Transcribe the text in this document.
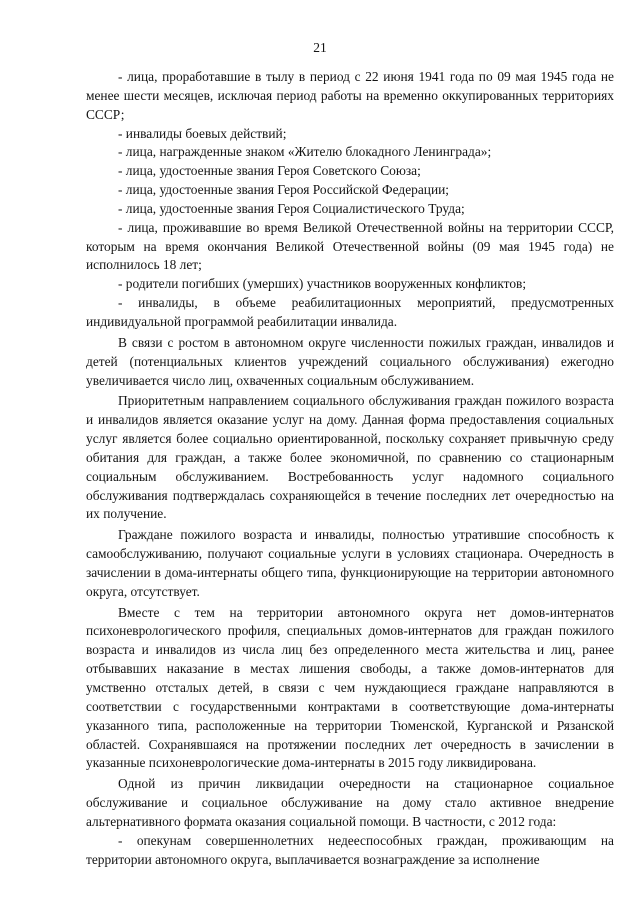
21

- лица, проработавшие в тылу в период с 22 июня 1941 года по 09 мая 1945 года не менее шести месяцев, исключая период работы на временно оккупированных территориях СССР;

- инвалиды боевых действий;

- лица, награжденные знаком «Жителю блокадного Ленинграда»;

- лица, удостоенные звания Героя Советского Союза;

- лица, удостоенные звания Героя Российской Федерации;

- лица, удостоенные звания Героя Социалистического Труда;

- лица, проживавшие во время Великой Отечественной войны на территории СССР, которым на время окончания Великой Отечественной войны (09 мая 1945 года) не исполнилось 18 лет;

- родители погибших (умерших) участников вооруженных конфликтов;

- инвалиды, в объеме реабилитационных мероприятий, предусмотренных индивидуальной программой реабилитации инвалида.

В связи с ростом в автономном округе численности пожилых граждан, инвалидов и детей (потенциальных клиентов учреждений социального обслуживания) ежегодно увеличивается число лиц, охваченных социальным обслуживанием.

Приоритетным направлением социального обслуживания граждан пожилого возраста и инвалидов является оказание услуг на дому. Данная форма предоставления социальных услуг является более социально ориентированной, поскольку сохраняет привычную среду обитания для граждан, а также более экономичной, по сравнению со стационарным социальным обслуживанием. Востребованность услуг надомного социального обслуживания подтверждалась сохраняющейся в течение последних лет очередностью на их получение.

Граждане пожилого возраста и инвалиды, полностью утратившие способность к самообслуживанию, получают социальные услуги в условиях стационара. Очередность в зачислении в дома-интернаты общего типа, функционирующие на территории автономного округа, отсутствует.

Вместе с тем на территории автономного округа нет домов-интернатов психоневрологического профиля, специальных домов-интернатов для граждан пожилого возраста и инвалидов из числа лиц без определенного места жительства и лиц, ранее отбывавших наказание в местах лишения свободы, а также домов-интернатов для умственно отсталых детей, в связи с чем нуждающиеся граждане направляются в соответствии с государственными контрактами в соответствующие дома-интернаты указанного типа, расположенные на территории Тюменской, Курганской и Рязанской областей. Сохранявшаяся на протяжении последних лет очередность в зачислении в указанные психоневрологические дома-интернаты в 2015 году ликвидирована.

Одной из причин ликвидации очередности на стационарное социальное обслуживание и социальное обслуживание на дому стало активное внедрение альтернативного формата оказания социальной помощи. В частности, с 2012 года:

- опекунам совершеннолетних недееспособных граждан, проживающим на территории автономного округа, выплачивается вознаграждение за исполнение
